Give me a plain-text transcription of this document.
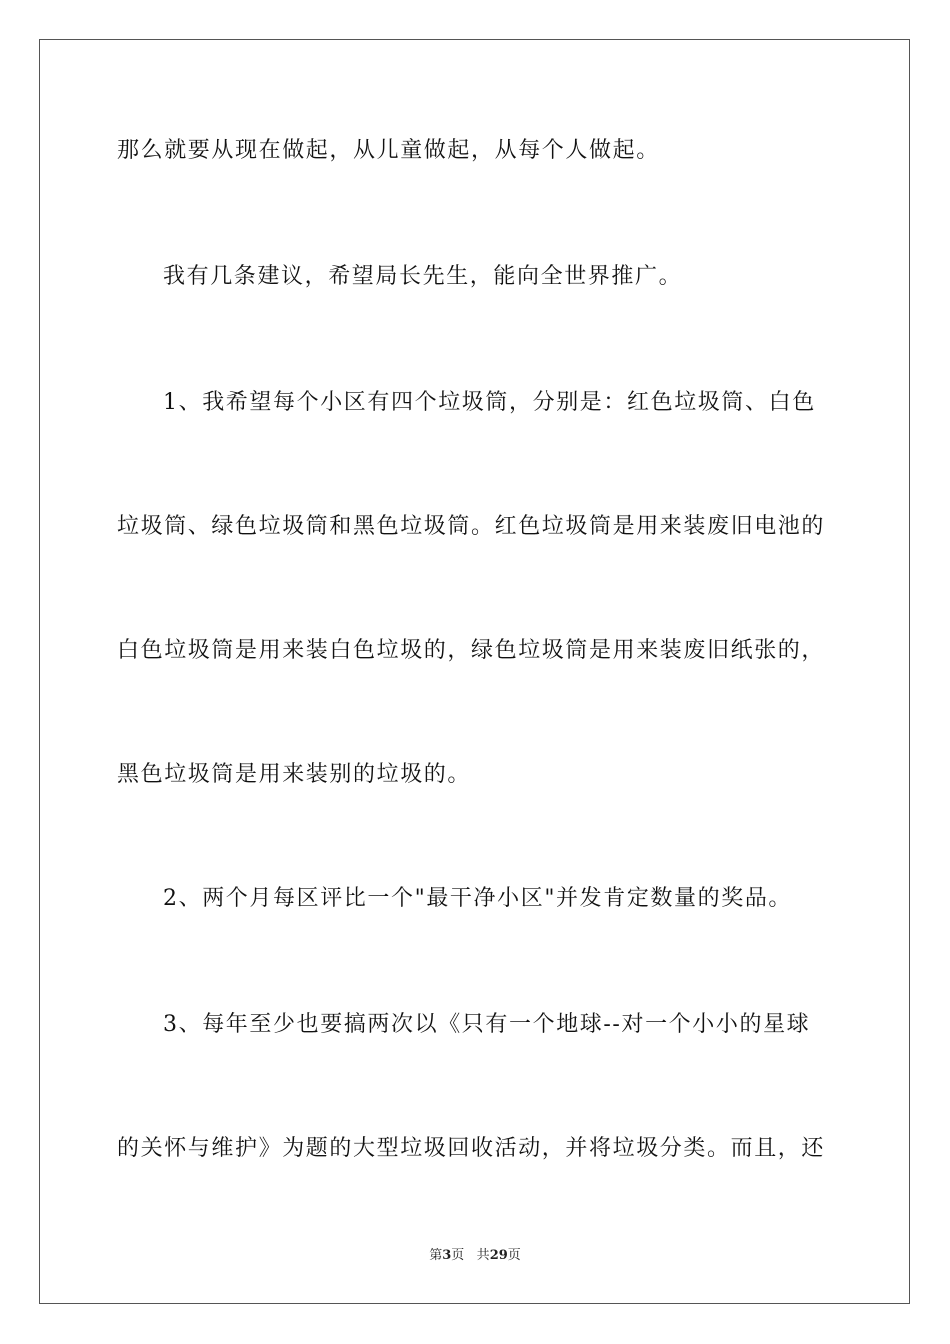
那么就要从现在做起，从儿童做起，从每个人做起。
我有几条建议，希望局长先生，能向全世界推广。
1、我希望每个小区有四个垃圾筒，分别是：红色垃圾筒、白色
垃圾筒、绿色垃圾筒和黑色垃圾筒。红色垃圾筒是用来装废旧电池的
白色垃圾筒是用来装白色垃圾的，绿色垃圾筒是用来装废旧纸张的，
黑色垃圾筒是用来装别的垃圾的。
2、两个月每区评比一个"最干净小区"并发肯定数量的奖品。
3、每年至少也要搞两次以《只有一个地球--对一个小小的星球
的关怀与维护》为题的大型垃圾回收活动，并将垃圾分类。而且，还
第3页 共29页
